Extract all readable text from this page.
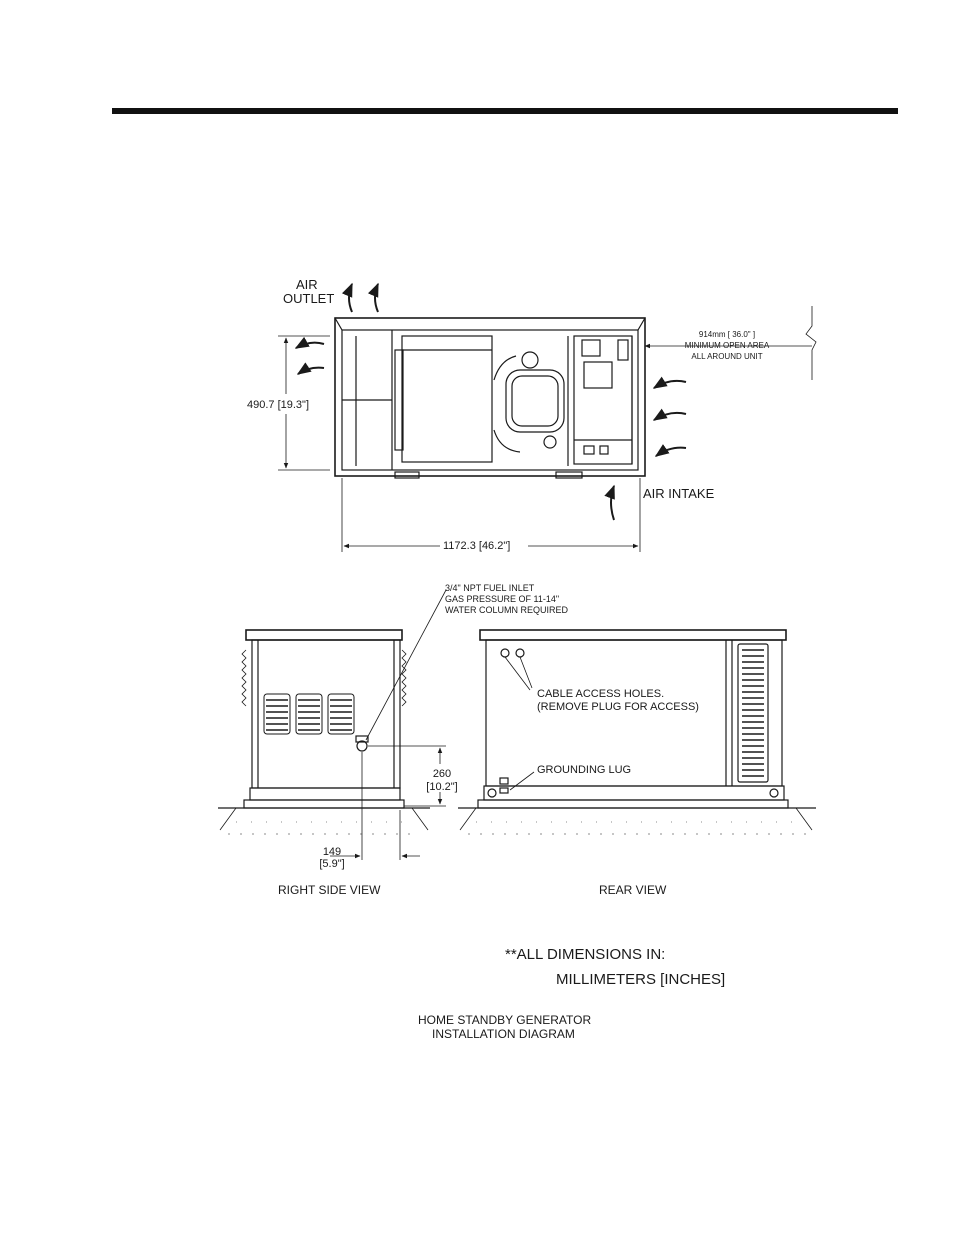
AIR
OUTLET
914mm [ 36.0" ]
MINIMUM OPEN AREA
ALL AROUND UNIT
490.7 [19.3"]
AIR INTAKE
1172.3 [46.2"]
3/4" NPT FUEL INLET
GAS PRESSURE OF 11-14"
WATER COLUMN REQUIRED
CABLE ACCESS HOLES.
(REMOVE PLUG FOR ACCESS)
GROUNDING LUG
260
[10.2"]
149
[5.9"]
RIGHT SIDE VIEW	REAR VIEW
**ALL DIMENSIONS IN:
MILLIMETERS [INCHES]
HOME STANDBY GENERATOR
INSTALLATION DIAGRAM
